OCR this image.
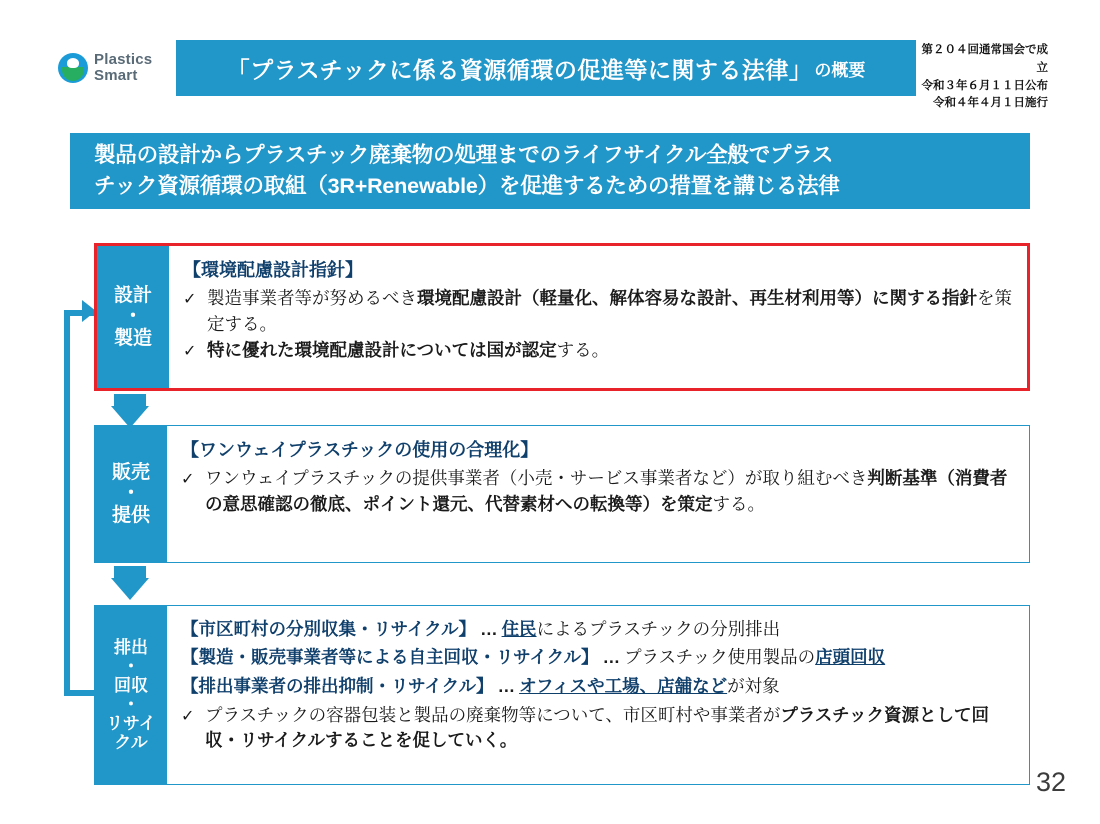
Plastics
Smart	「プラスチックに係る資源循環の促進等に関する法律」 の概要
第２０４回通常国会で成立
令和３年６月１１日公布
令和４年４月１日施行
製品の設計からプラスチック廃棄物の処理までのライフサイクル全般でプラス
チック資源循環の取組（3R+Renewable）を促進するための措置を講じる法律
設計
・
製造
【環境配慮設計指針】
✓ 製造事業者等が努めるべき環境配慮設計（軽量化、解体容易な設計、再生材利用等）に関する指針を策定する。
✓ 特に優れた環境配慮設計については国が認定する。
販売
・
提供
【ワンウェイプラスチックの使用の合理化】
✓ ワンウェイプラスチックの提供事業者（小売・サービス事業者など）が取り組むべき判断基準（消費者の意思確認の徹底、ポイント還元、代替素材への転換等）を策定する。
排出
・
回収
・
リサイ
クル
【市区町村の分別収集・リサイクル】 … 住民によるプラスチックの分別排出
【製造・販売事業者等による自主回収・リサイクル】 … プラスチック使用製品の店頭回収
【排出事業者の排出抑制・リサイクル】 … オフィスや工場、店舗などが対象
✓ プラスチックの容器包装と製品の廃棄物等について、市区町村や事業者がプラスチック資源として回収・リサイクルすることを促していく。
32
